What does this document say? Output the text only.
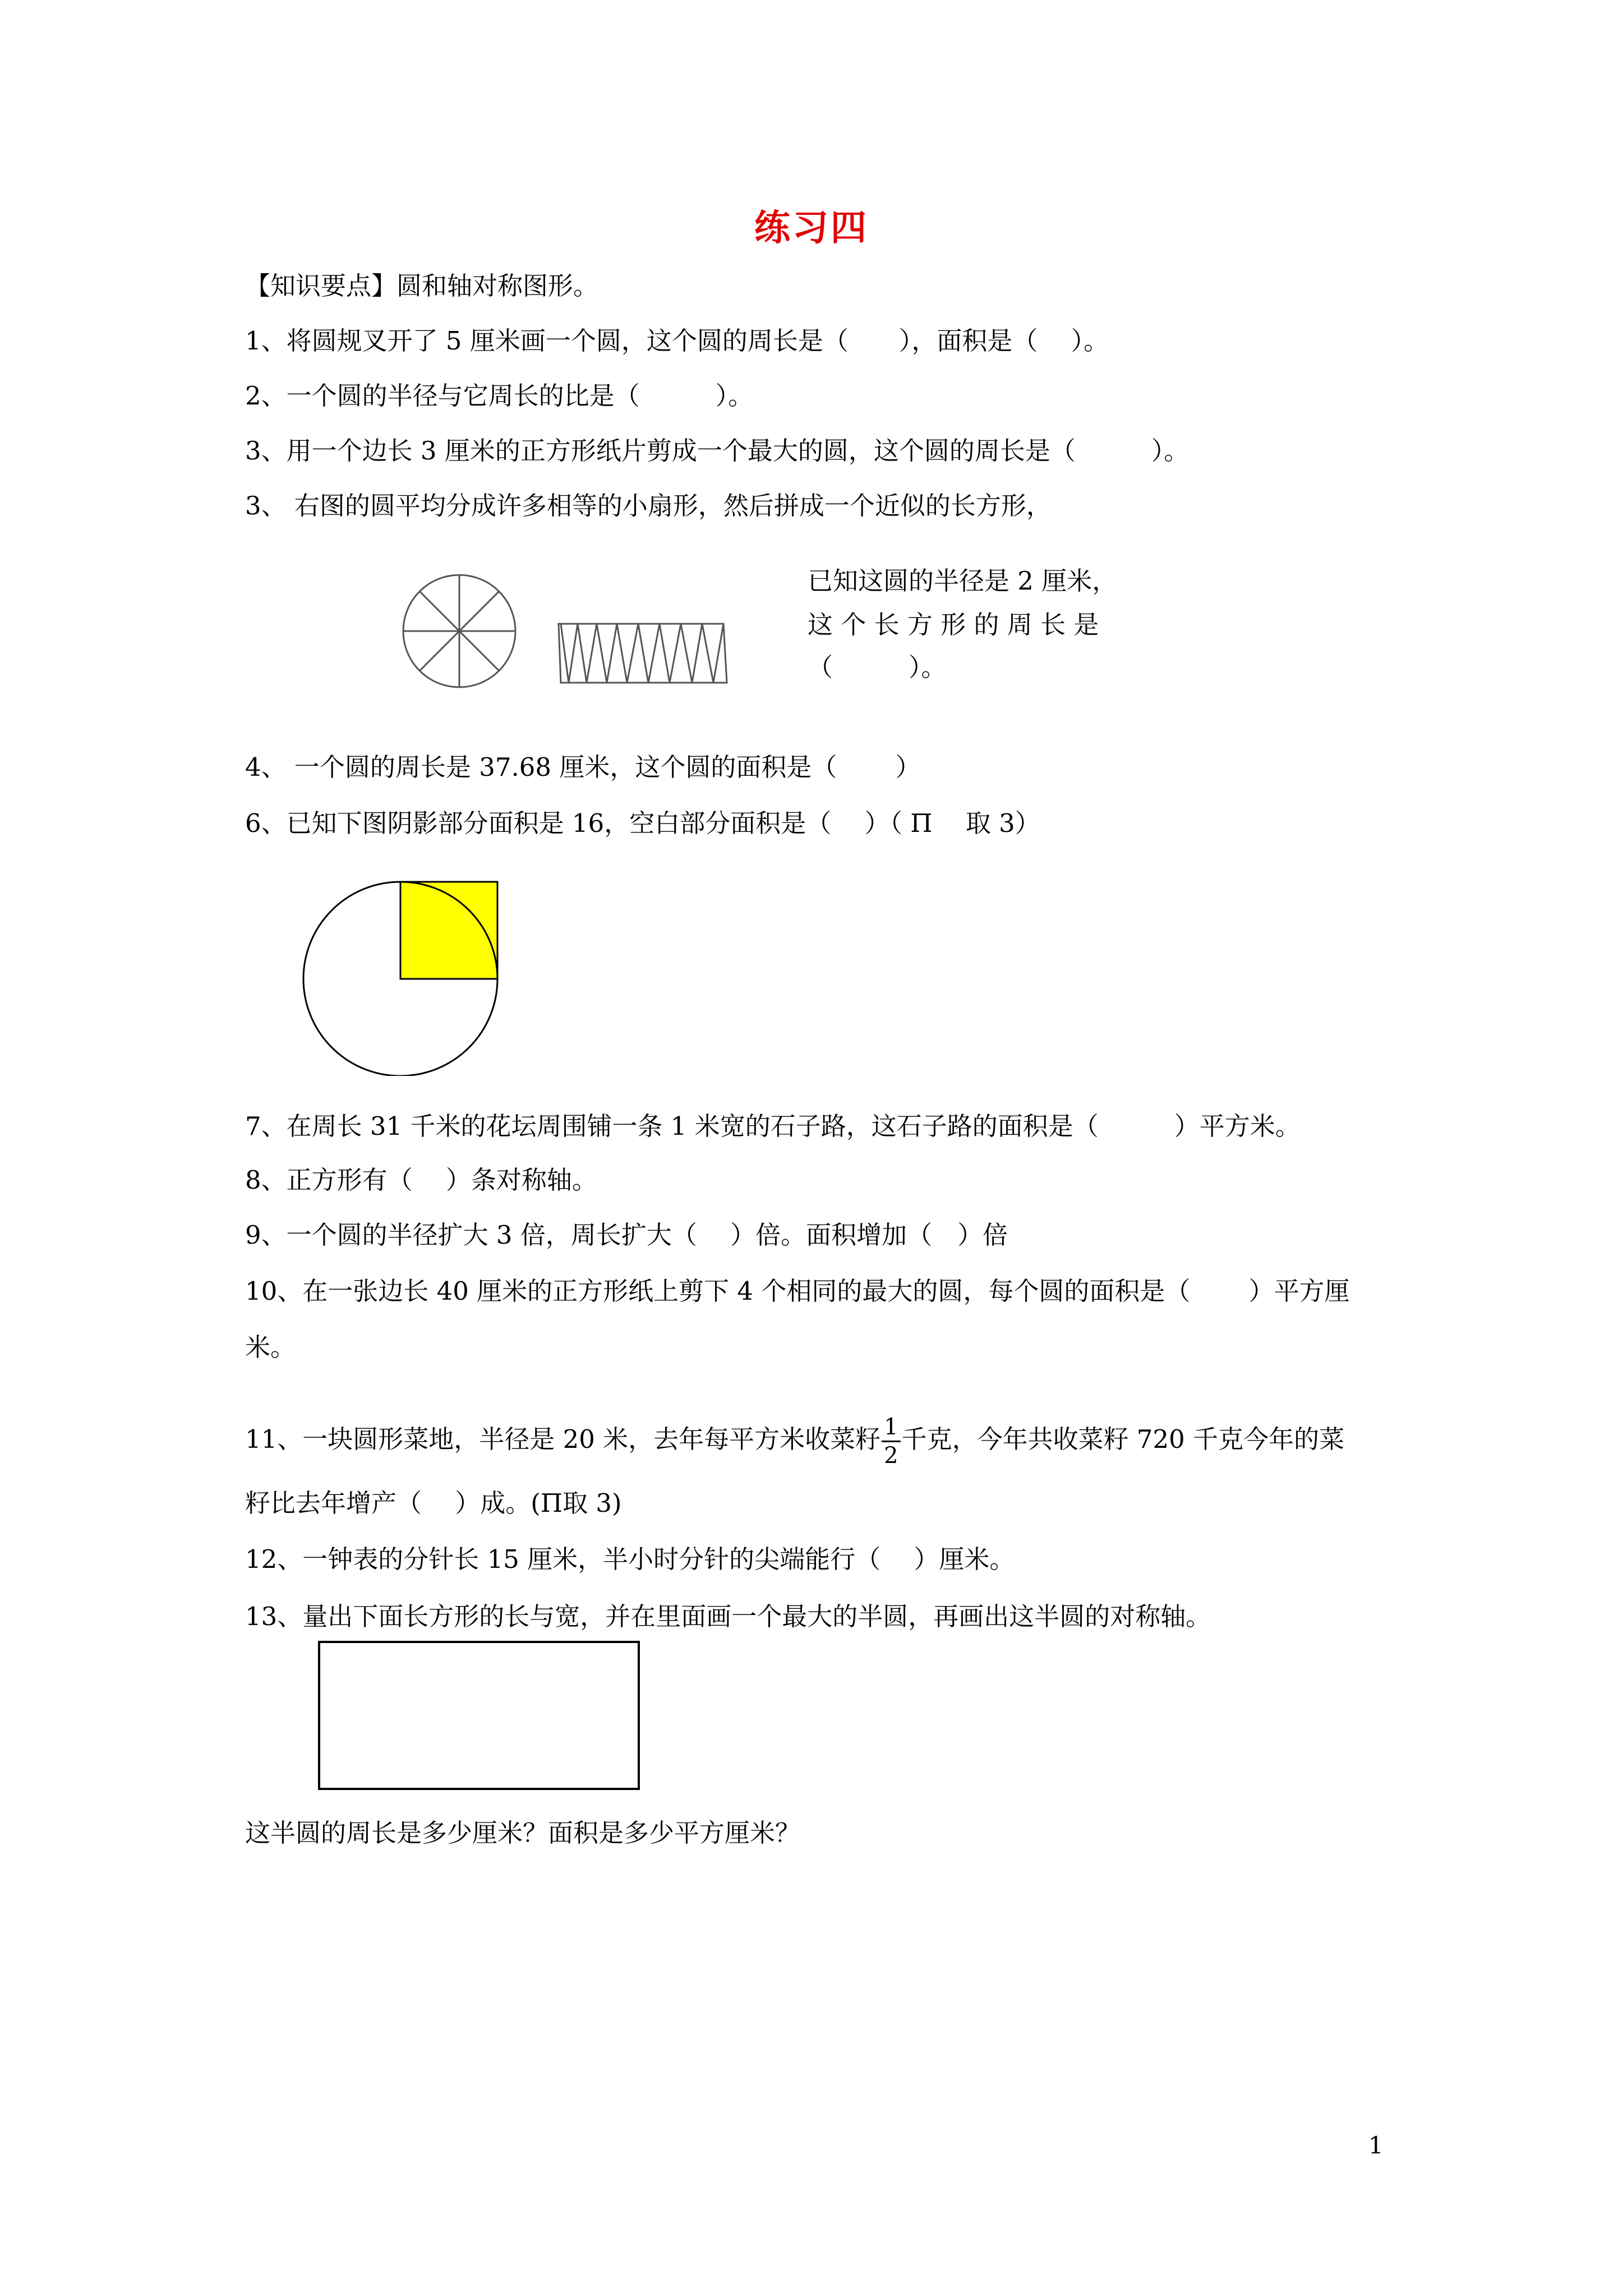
练习四
【知识要点】圆和轴对称图形。
1、将圆规叉开了 5 厘米画一个圆，这个圆的周长是（　　），面积是（　 ）。
2、一个圆的半径与它周长的比是（　　　）。
3、用一个边长 3 厘米的正方形纸片剪成一个最大的圆，这个圆的周长是（　　　）。
3、 右图的圆平均分成许多相等的小扇形，然后拼成一个近似的长方形，
已知这圆的半径是 2 厘米，
这 个 长 方 形 的 周 长 是
（　　　）。
4、 一个圆的周长是 37.68 厘米，这个圆的面积是（　　 ）
6、已知下图阴影部分面积是 16，空白部分面积是（　 ）（ Π　 取 3）
7、在周长 31 千米的花坛周围铺一条 1 米宽的石子路，这石子路的面积是（　　　）平方米。
8、正方形有（　 ）条对称轴。
9、一个圆的半径扩大 3 倍，周长扩大（　 ）倍。面积增加（　）倍
10、在一张边长 40 厘米的正方形纸上剪下 4 个相同的最大的圆，每个圆的面积是（　　 ）平方厘
米。
11、一块圆形菜地，半径是 20 米，去年每平方米收菜籽 $\frac{1}{2}$ 千克，今年共收菜籽 720 千克今年的菜
籽比去年增产（　 ）成。(Π取 3)
12、一钟表的分针长 15 厘米，半小时分针的尖端能行（　 ）厘米。
13、量出下面长方形的长与宽，并在里面画一个最大的半圆，再画出这半圆的对称轴。
这半圆的周长是多少厘米？面积是多少平方厘米？
1
